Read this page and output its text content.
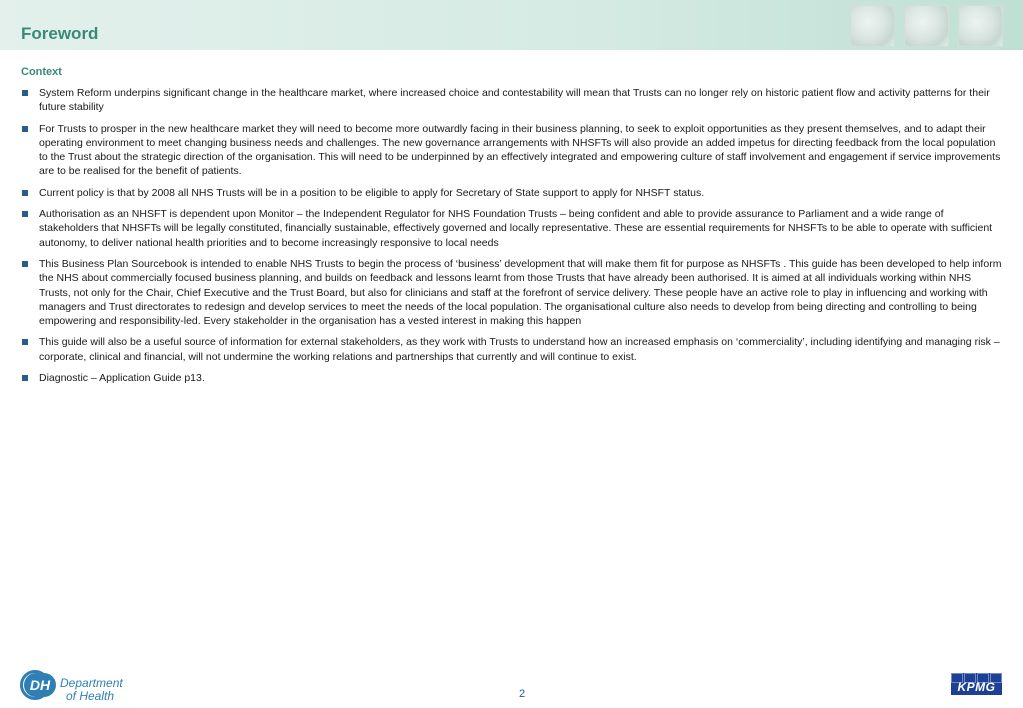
Foreword
Context
System Reform underpins significant change in the healthcare market, where increased choice and contestability will mean that Trusts can no longer rely on historic patient flow and activity patterns for their future stability
For Trusts to prosper in the new healthcare market they will need to become more outwardly facing in their business planning, to seek to exploit opportunities as they present themselves, and to adapt their operating environment to meet changing business needs and challenges. The new governance arrangements with NHSFTs will also provide an added impetus for directing feedback from the local population to the Trust about the strategic direction of the organisation. This will need to be underpinned by an effectively integrated and empowering culture of staff involvement and engagement if service improvements are to be realised for the benefit of patients.
Current policy is that by 2008 all NHS Trusts will be in a position to be eligible to apply for Secretary of State support to apply for NHSFT status.
Authorisation as an NHSFT is dependent upon Monitor – the Independent Regulator for NHS Foundation Trusts – being confident and able to provide assurance to Parliament and a wide range of stakeholders that NHSFTs will be legally constituted, financially sustainable, effectively governed and locally representative. These are essential requirements for NHSFTs to be able to operate with sufficient autonomy, to deliver national health priorities and to become increasingly responsive to local needs
This Business Plan Sourcebook is intended to enable NHS Trusts to begin the process of ‘business’ development that will make them fit for purpose as NHSFTs . This guide has been developed to help inform the NHS about commercially focused business planning, and builds on feedback and lessons learnt from those Trusts that have already been authorised. It is aimed at all individuals working within NHS Trusts, not only for the Chair, Chief Executive and the Trust Board, but also for clinicians and staff at the forefront of service delivery. These people have an active role to play in influencing and working with managers and Trust directorates to redesign and develop services to meet the needs of the local population. The organisational culture also needs to develop from being directing and controlling to being empowering and responsibility-led. Every stakeholder in the organisation has a vested interest in making this happen
This guide will also be a useful source of information for external stakeholders, as they work with Trusts to understand how an increased emphasis on ‘commerciality’, including identifying and managing risk – corporate, clinical and financial, will not undermine the working relations and partnerships that currently and will continue to exist.
Diagnostic – Application Guide p13.
DH Department
of Health	2	KPMG
